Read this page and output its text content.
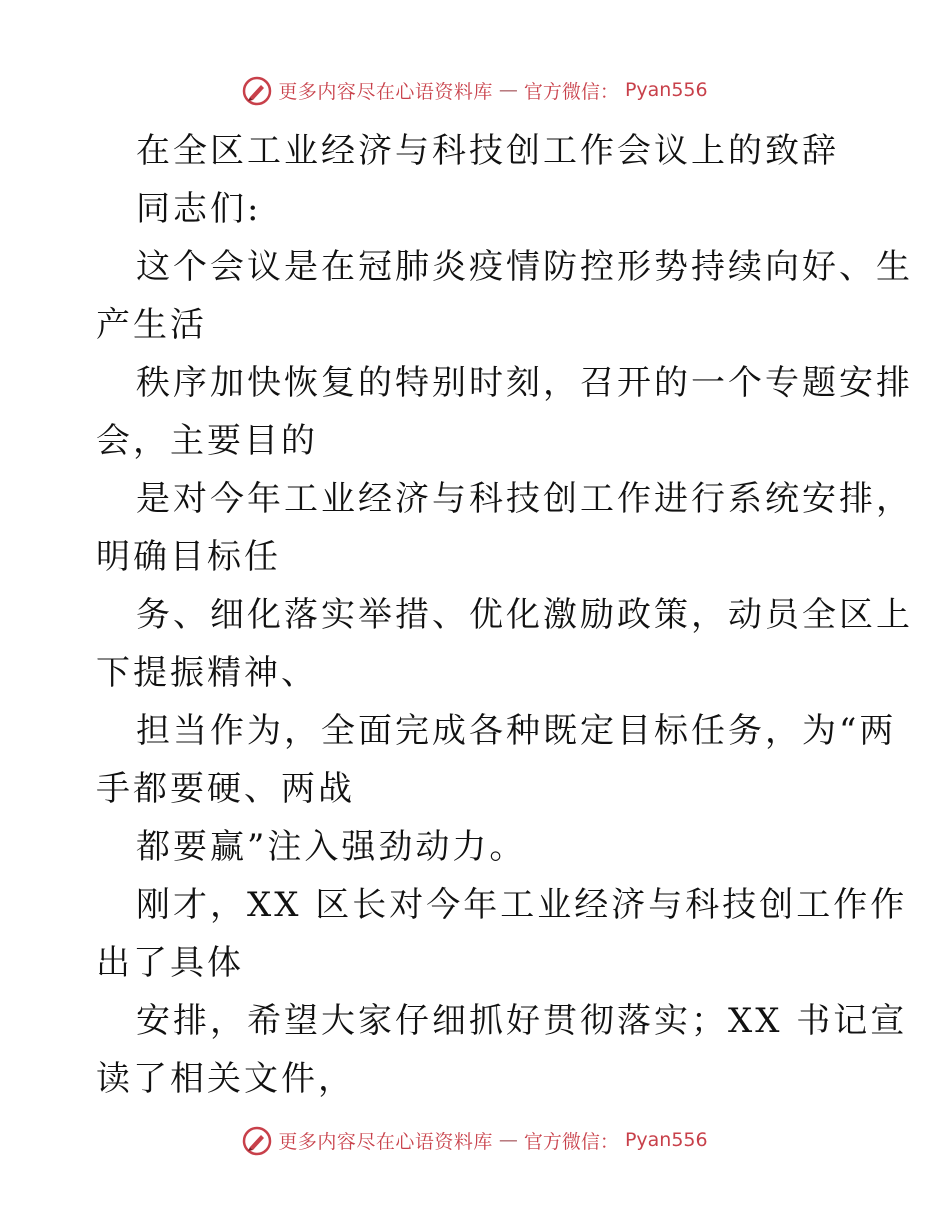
更多内容尽在心语资料库 — 官方微信： Pyan556
在全区工业经济与科技创工作会议上的致辞
同志们:
这个会议是在冠肺炎疫情防控形势持续向好、生
产生活
秩序加快恢复的特别时刻，召开的一个专题安排
会，主要目的
是对今年工业经济与科技创工作进行系统安排，
明确目标任
务、细化落实举措、优化激励政策，动员全区上
下提振精神、
担当作为，全面完成各种既定目标任务，为“两
手都要硬、两战
都要赢”注入强劲动力。
刚才，XX 区长对今年工业经济与科技创工作作
出了具体
安排，希望大家仔细抓好贯彻落实；XX 书记宣
读了相关文件，
更多内容尽在心语资料库 — 官方微信： Pyan556
